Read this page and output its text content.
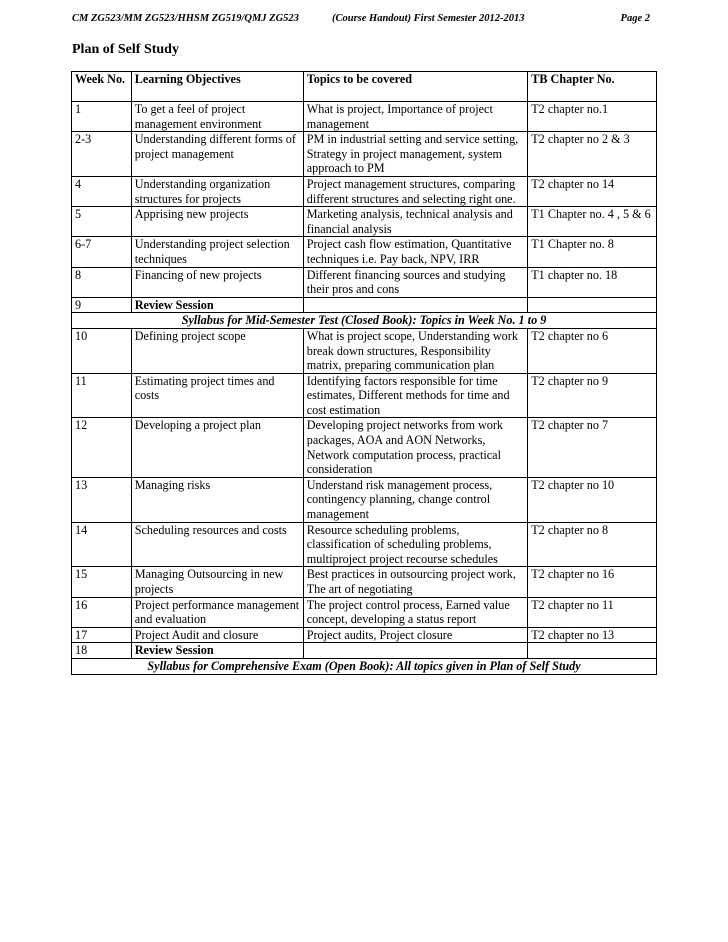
CM ZG523/MM ZG523/HHSM ZG519/QMJ ZG523	(Course Handout) First Semester 2012-2013	Page 2
Plan of Self Study
Week No.	Learning Objectives	Topics to be covered	TB Chapter No.
1	To get a feel of project management environment	What is project, Importance of project management	T2 chapter no.1
2-3	Understanding different forms of project management	PM in industrial setting and service setting, Strategy in project management, system approach to PM	T2 chapter no 2 & 3
4	Understanding organization structures for projects	Project management structures, comparing different structures and selecting right one.	T2 chapter no 14
5	Apprising new projects	Marketing analysis, technical analysis and financial analysis	T1 Chapter no. 4 , 5 & 6
6-7	Understanding project selection techniques	Project cash flow estimation, Quantitative techniques i.e. Pay back, NPV, IRR	T1 Chapter no. 8
8	Financing of new projects	Different financing sources and studying their pros and cons	T1 chapter no. 18
9	Review Session		
Syllabus for Mid-Semester Test (Closed Book): Topics in Week No. 1 to 9			
10	Defining project scope	What is project scope, Understanding work break down structures, Responsibility matrix, preparing communication plan	T2 chapter no 6
11	Estimating project times and costs	Identifying factors responsible for time estimates, Different methods for time and cost estimation	T2 chapter no 9
12	Developing a project plan	Developing project networks from work packages, AOA and AON Networks, Network computation process, practical consideration	T2 chapter no 7
13	Managing risks	Understand risk management process, contingency planning, change control management	T2 chapter no 10
14	Scheduling resources and costs	Resource scheduling problems, classification of scheduling problems, multiproject project recourse schedules	T2 chapter no 8
15	Managing Outsourcing in new projects	Best practices in outsourcing project work, The art of negotiating	T2 chapter no 16
16	Project performance management and evaluation	The project control process, Earned value concept, developing a status report	T2 chapter no 11
17	Project Audit and closure	Project audits, Project closure	T2 chapter no 13
18	Review Session		
Syllabus for Comprehensive Exam (Open Book): All topics given in Plan of Self Study			
